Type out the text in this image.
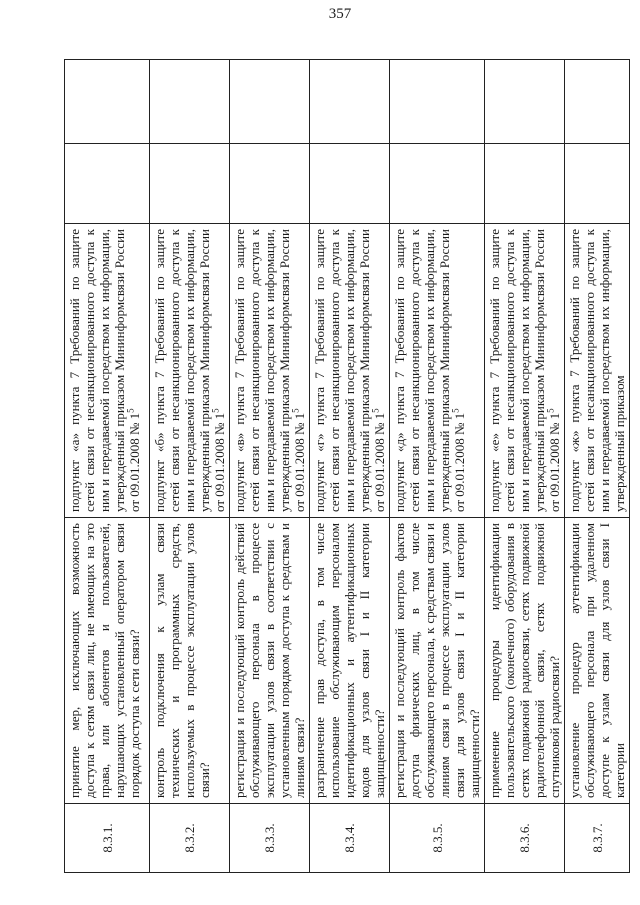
357
8.3.1.	принятие мер, исключающих возможность доступа к сетям связи лиц, не имеющих на это права, или абонентов и пользователей, нарушающих установленный оператором связи порядок доступа к сети связи?	подпункт «а» пункта 7 Требований по защите сетей связи от несанкционированного доступа к ним и передаваемой посредством их информации, утвержденный приказом Мининформсвязи России от 09.01.2008 № $1^5$		
8.3.2.	контроль подключения к узлам связи технических и программных средств, используемых в процессе эксплуатации узлов связи?	подпункт «б» пункта 7 Требований по защите сетей связи от несанкционированного доступа к ним и передаваемой посредством их информации, утвержденный приказом Мининформсвязи России от 09.01.2008 № $1^5$		
8.3.3.	регистрация и последующий контроль действий обслуживающего персонала в процессе эксплуатации узлов связи в соответствии с установленным порядком доступа к средствам и линиям связи?	подпункт «в» пункта 7 Требований по защите сетей связи от несанкционированного доступа к ним и передаваемой посредством их информации, утвержденный приказом Мининформсвязи России от 09.01.2008 № $1^5$		
8.3.4.	разграничение прав доступа, в том числе использование обслуживающим персоналом идентификационных и аутентификационных кодов для узлов связи I и II категории защищенности?	подпункт «г» пункта 7 Требований по защите сетей связи от несанкционированного доступа к ним и передаваемой посредством их информации, утвержденный приказом Мининформсвязи России от 09.01.2008 № $1^5$		
8.3.5.	регистрация и последующий контроль фактов доступа физических лиц, в том числе обслуживающего персонала, к средствам связи и линиям связи в процессе эксплуатации узлов связи для узлов связи I и II категории защищенности?	подпункт «д» пункта 7 Требований по защите сетей связи от несанкционированного доступа к ним и передаваемой посредством их информации, утвержденный приказом Мининформсвязи России от 09.01.2008 № $1^5$		
8.3.6.	применение процедуры идентификации пользовательского (оконечного) оборудования в сетях подвижной радиосвязи, сетях подвижной радиотелефонной связи, сетях подвижной спутниковой радиосвязи?	подпункт «е» пункта 7 Требований по защите сетей связи от несанкционированного доступа к ним и передаваемой посредством их информации, утвержденный приказом Мининформсвязи России от 09.01.2008 № $1^5$		
8.3.7.	установление процедур аутентификации обслуживающего персонала при удаленном доступе к узлам связи для узлов связи I категории	подпункт «ж» пункта 7 Требований по защите сетей связи от несанкционированного доступа к ним и передаваемой посредством их информации, утвержденный приказом		
